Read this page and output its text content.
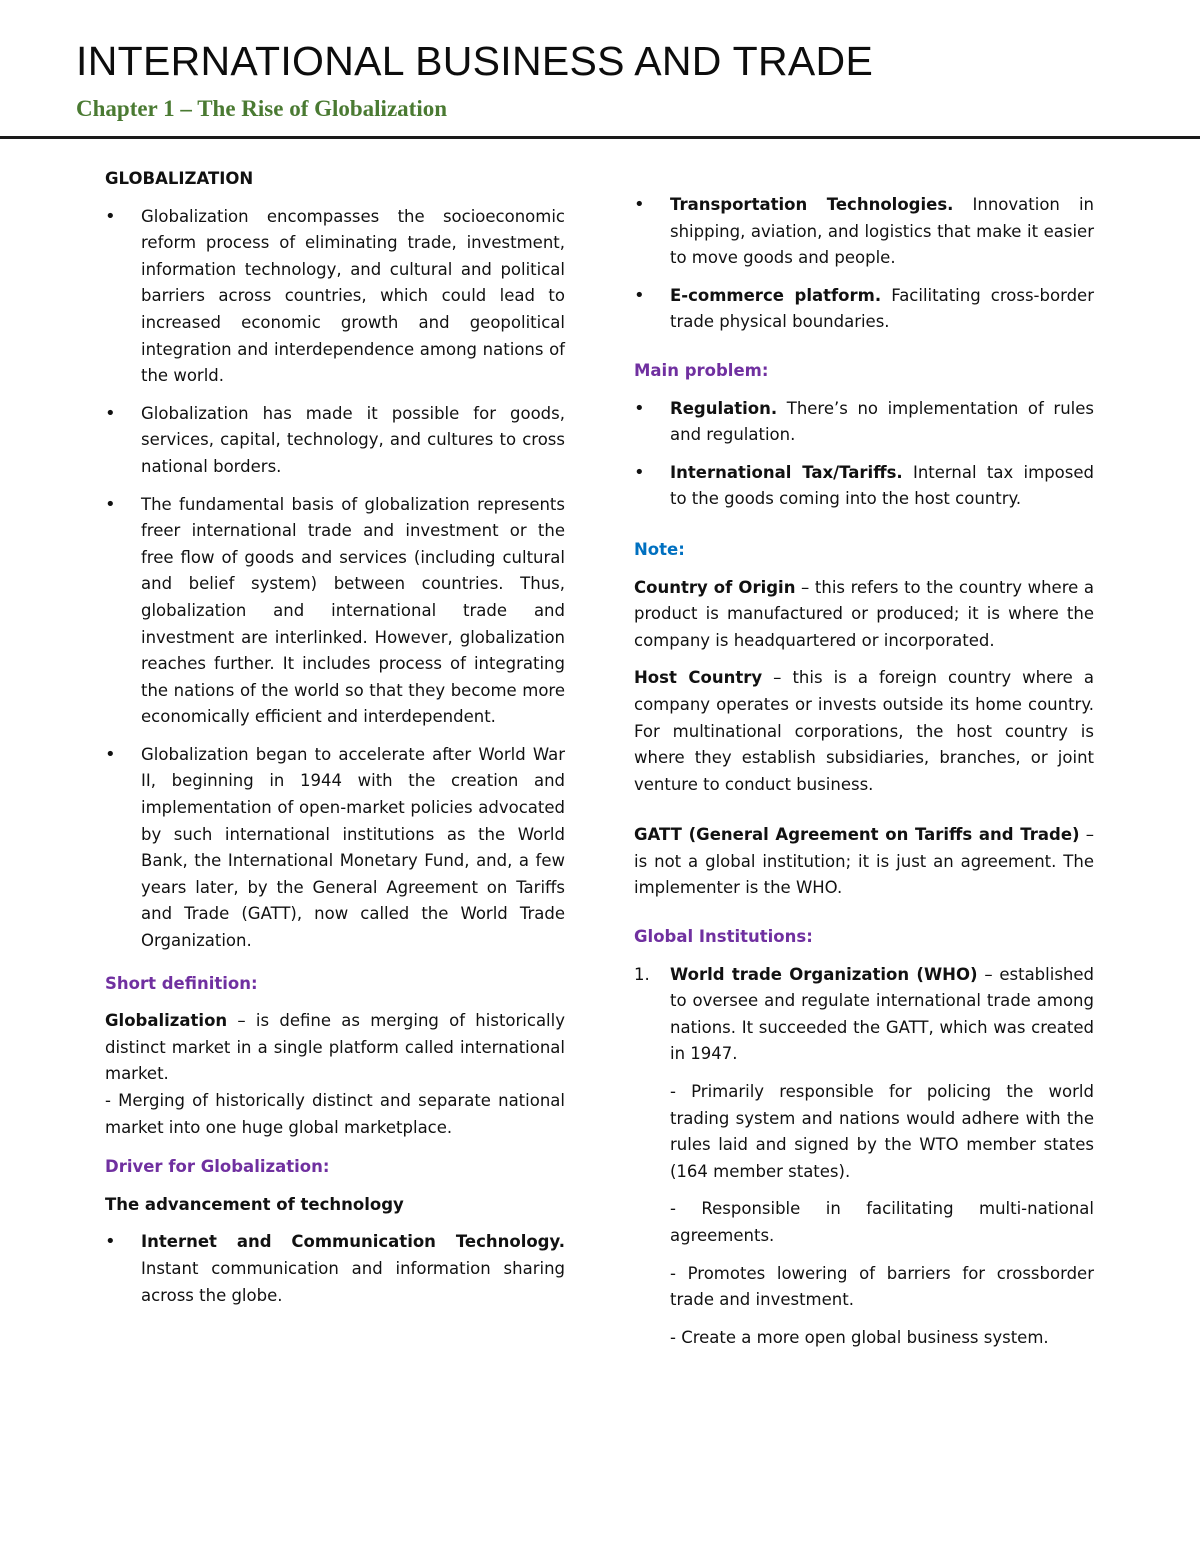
INTERNATIONAL BUSINESS AND TRADE
Chapter 1 – The Rise of Globalization
GLOBALIZATION
•	Globalization encompasses the socioeconomic reform process of eliminating trade, investment, information technology, and cultural and political barriers across countries, which could lead to increased economic growth and geopolitical integration and interdependence among nations of the world.
•	Globalization has made it possible for goods, services, capital, technology, and cultures to cross national borders.
•	The fundamental basis of globalization represents freer international trade and investment or the free flow of goods and services (including cultural and belief system) between countries. Thus, globalization and international trade and investment are interlinked. However, globalization reaches further. It includes process of integrating the nations of the world so that they become more economically efficient and interdependent.
•	Globalization began to accelerate after World War II, beginning in 1944 with the creation and implementation of open-market policies advocated by such international institutions as the World Bank, the International Monetary Fund, and, a few years later, by the General Agreement on Tariffs and Trade (GATT), now called the World Trade Organization.
Short definition:

Globalization – is define as merging of historically distinct market in a single platform called international market.

- Merging of historically distinct and separate national market into one huge global marketplace.

Driver for Globalization:
The advancement of technology
•	Internet and Communication Technology. Instant communication and information sharing across the globe.
•	Transportation Technologies. Innovation in shipping, aviation, and logistics that make it easier to move goods and people.
•	E-commerce platform. Facilitating cross-border trade physical boundaries.
Main problem:
•	Regulation. There’s no implementation of rules and regulation.
•	International Tax/Tariffs. Internal tax imposed to the goods coming into the host country.
Note:

Country of Origin – this refers to the country where a product is manufactured or produced; it is where the company is headquartered or incorporated.

Host Country – this is a foreign country where a company operates or invests outside its home country. For multinational corporations, the host country is where they establish subsidiaries, branches, or joint venture to conduct business.

GATT (General Agreement on Tariffs and Trade) – is not a global institution; it is just an agreement. The implementer is the WHO.

Global Institutions:
1. World trade Organization (WHO) – established to oversee and regulate international trade among nations. It succeeded the GATT, which was created in 1947.
- Primarily responsible for policing the world trading system and nations would adhere with the rules laid and signed by the WTO member states (164 member states).
- Responsible in facilitating multi-national agreements.
- Promotes lowering of barriers for crossborder trade and investment.
- Create a more open global business system.
